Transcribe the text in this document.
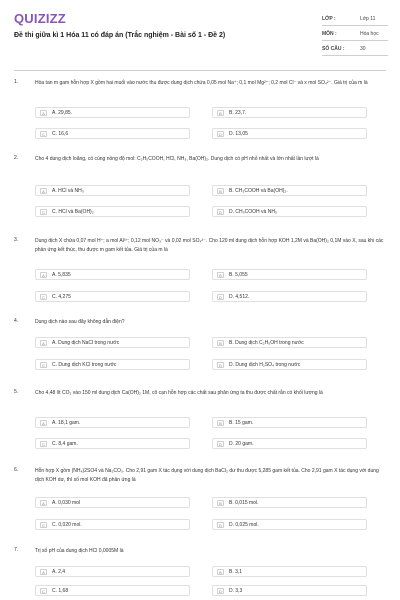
QUIZIZZ
Đề thi giữa kì 1 Hóa 11 có đáp án (Trắc nghiệm - Bài số 1 - Đề 2)
LỚP :	Lớp 11
MÔN :	Hóa học
SỐ CÂU :	30
1.	Hòa tan m gam hỗn hợp X gồm hai muối vào nước thu được dung dịch chứa 0,05 mol Na⁺; 0,1 mol Mg²⁺; 0,2 mol Cl⁻ và x mol SO₄²⁻. Giá trị của m là
A	A. 29,85.	B	B. 23,7.
C	C. 16,6	D	D. 13,05
2.	Cho 4 dung dịch loãng, có cùng nồng độ mol: C₂H₅COOH, HCl, NH₃, Ba(OH)₂. Dung dịch có pH nhỏ nhất và lớn nhất lần lượt là
A	A. HCl và NH₃	B	B. CH₃COOH và Ba(OH)₂.
C	C. HCl và Ba(OH)₂	D	D. CH₃COOH và NH₃
3.	Dung dịch X chứa 0,07 mol H⁺; a mol Al³⁺; 0,12 mol NO₃⁻ và 0,02 mol SO₄²⁻. Cho 120 ml dung dịch hỗn hợp KOH 1,2M và Ba(OH)₂ 0,1M vào X, sau khi các phản ứng kết thúc, thu được m gam kết tủa. Giá trị của m là
A	A. 5,835	B	B. 5,055
C	C. 4,275	D	D. 4,512.
4.	Dung dịch nào sau đây không dẫn điện?
A	A. Dung dịch NaCl trong nước	B	B. Dung dịch C₂H₅OH trong nước
C	C. Dung dịch KCl trong nước	D	D. Dung dịch H₂SO₄ trong nước
5.	Cho 4,48 lít CO₂ vào 150 ml dung dịch Ca(OH)₂ 1M, cô cạn hỗn hợp các chất sau phản ứng ta thu được chất rắn có khối lượng là
A	A. 18,1 gam.	B	B. 15 gam.
C	C. 8,4 gam.	D	D. 20 gam.
6.	Hỗn hợp X gồm (NH₄)2SO4 và Na₂CO₃. Cho 2,91 gam X tác dụng với dung dịch BaCl₂ dư thu được 5,285 gam kết tủa. Cho 2,91 gam X tác dụng với dung dịch KOH dư, thì số mol KOH đã phản ứng là
A	A. 0,030 mol	B	B. 0,015 mol.
C	C. 0,020 mol.	D	D. 0,025 mol.
7.	Trị số pH của dung dịch HCl 0,0005M là
A	A. 2,4	B	B. 3,1
C	C. 1,68	D	D. 3,3
